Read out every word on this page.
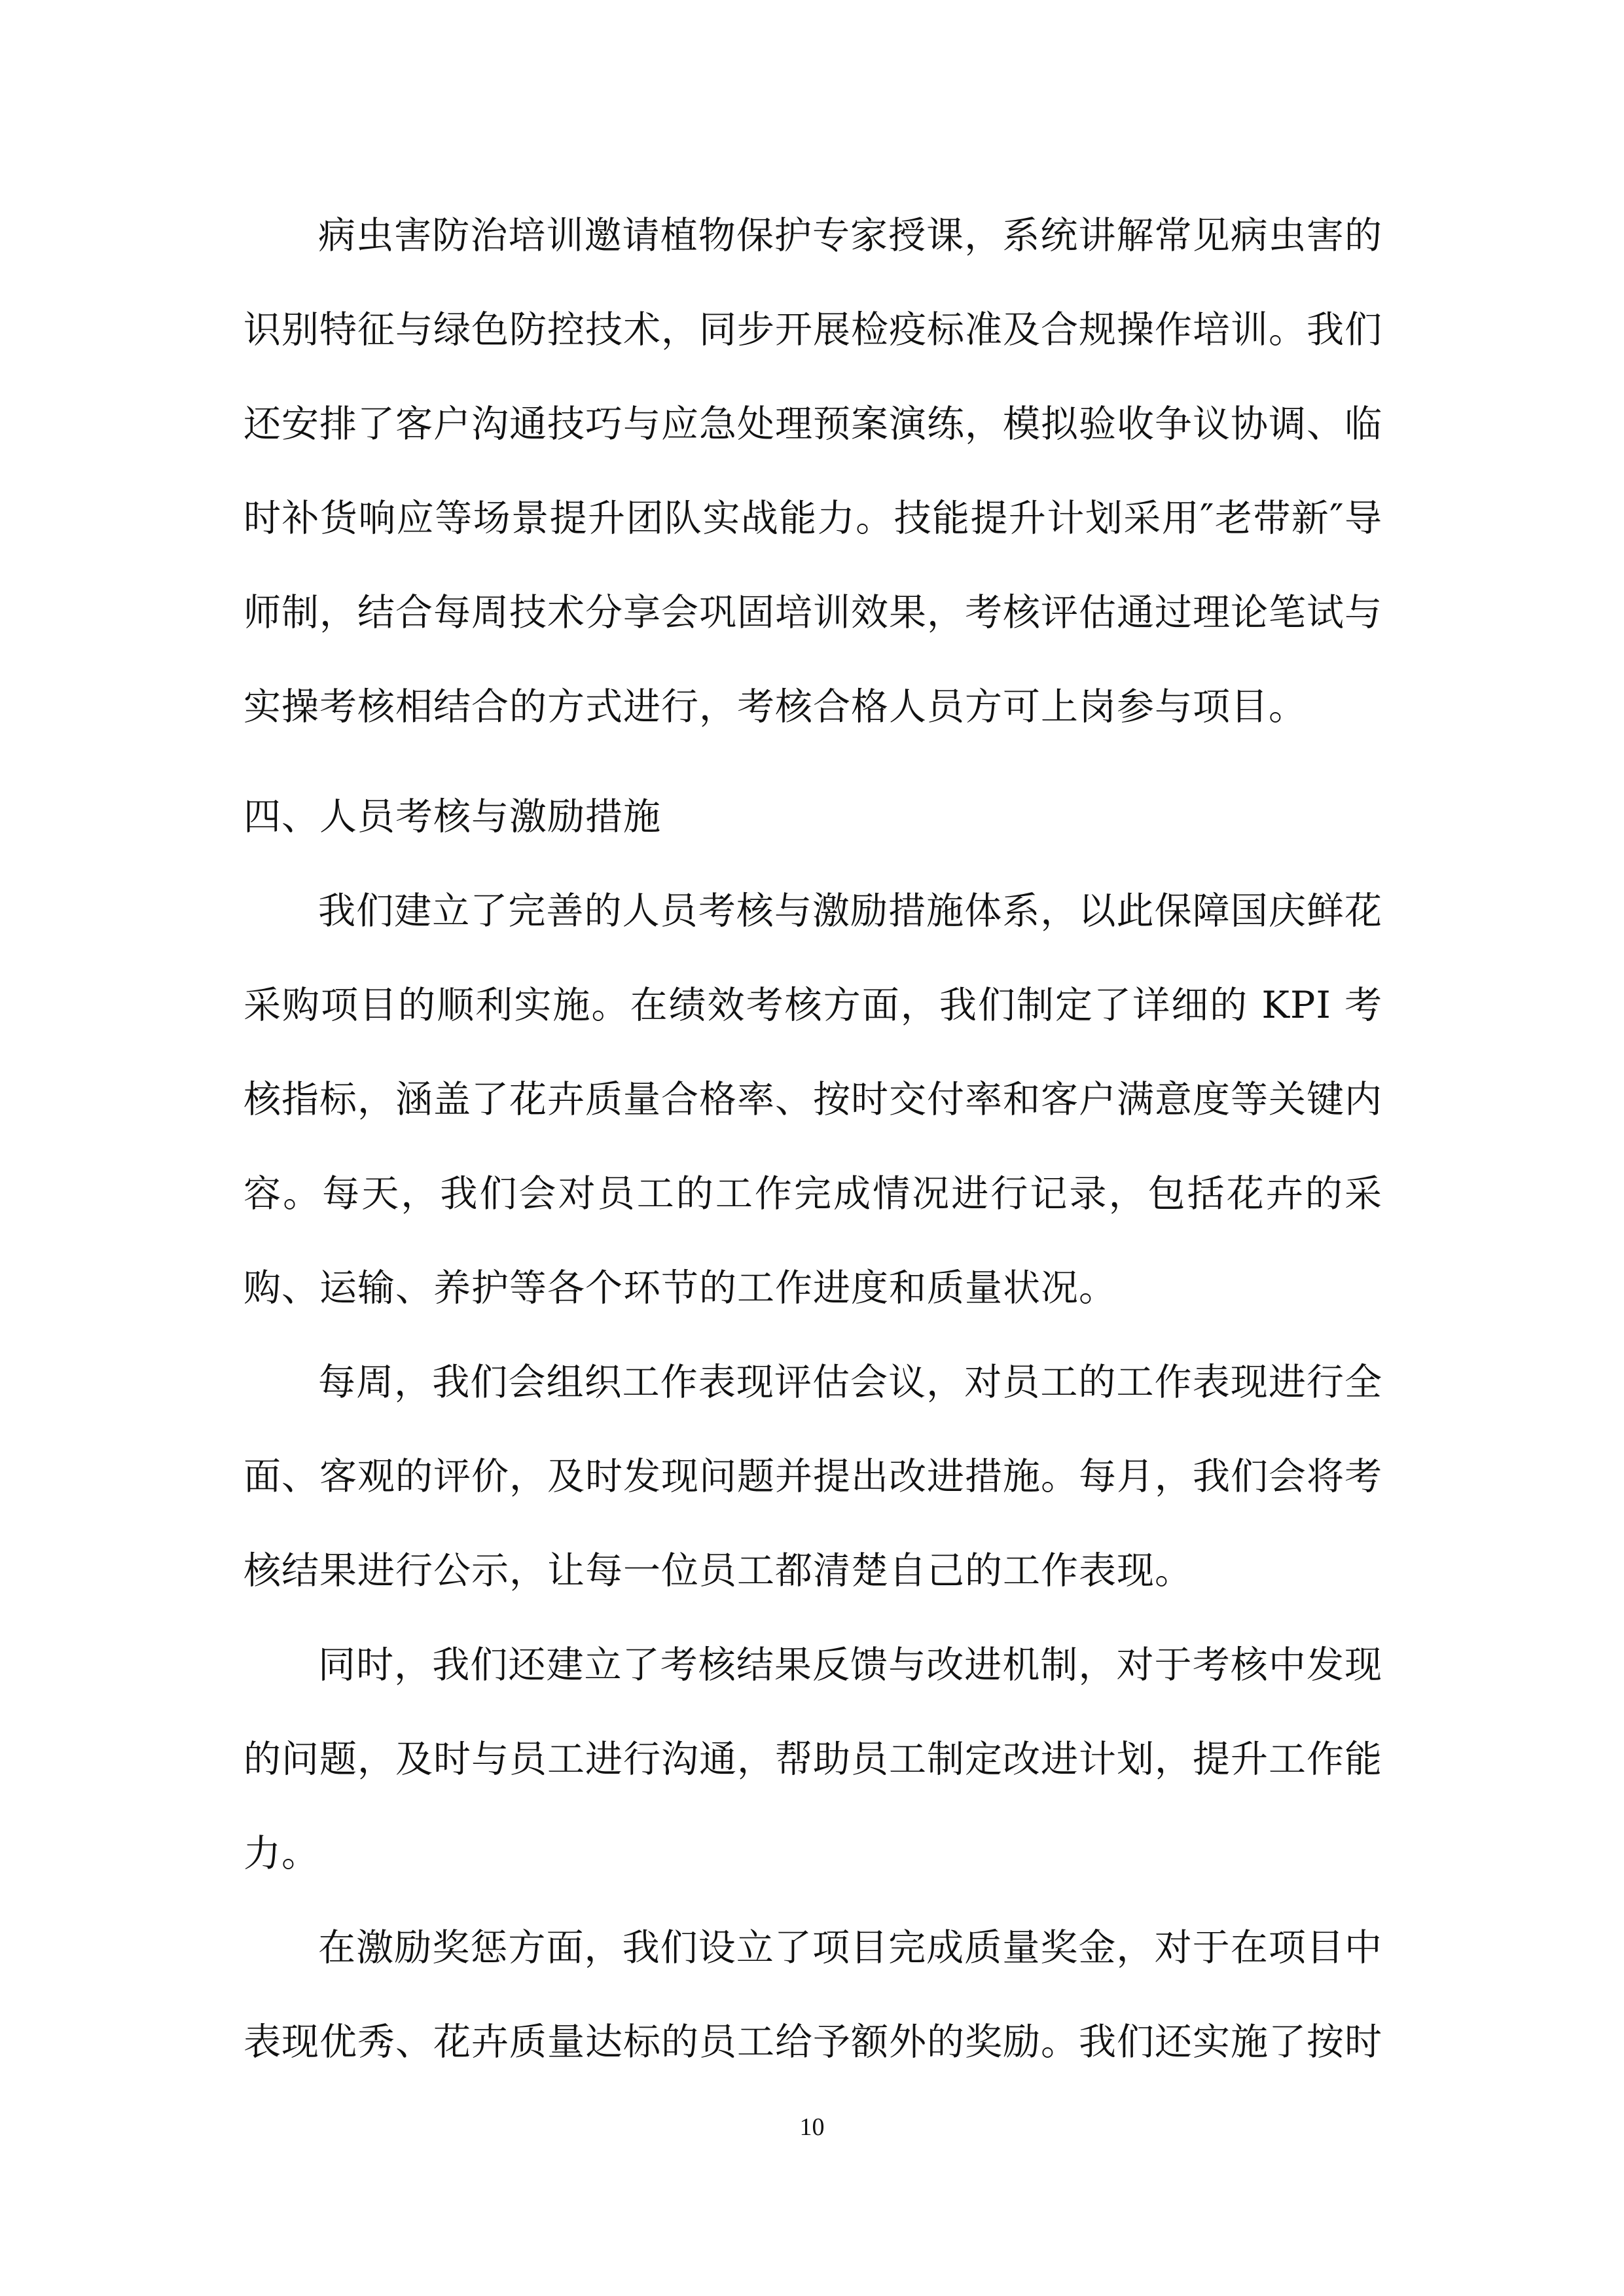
病虫害防治培训邀请植物保护专家授课，系统讲解常见病虫害的识别特征与绿色防控技术，同步开展检疫标准及合规操作培训。我们还安排了客户沟通技巧与应急处理预案演练，模拟验收争议协调、临时补货响应等场景提升团队实战能力。技能提升计划采用″老带新″导师制，结合每周技术分享会巩固培训效果，考核评估通过理论笔试与实操考核相结合的方式进行，考核合格人员方可上岗参与项目。

四、人员考核与激励措施

我们建立了完善的人员考核与激励措施体系，以此保障国庆鲜花采购项目的顺利实施。在绩效考核方面，我们制定了详细的 KPI 考核指标，涵盖了花卉质量合格率、按时交付率和客户满意度等关键内容。每天，我们会对员工的工作完成情况进行记录，包括花卉的采购、运输、养护等各个环节的工作进度和质量状况。

每周，我们会组织工作表现评估会议，对员工的工作表现进行全面、客观的评价，及时发现问题并提出改进措施。每月，我们会将考核结果进行公示，让每一位员工都清楚自己的工作表现。

同时，我们还建立了考核结果反馈与改进机制，对于考核中发现的问题，及时与员工进行沟通，帮助员工制定改进计划，提升工作能力。

在激励奖惩方面，我们设立了项目完成质量奖金，对于在项目中表现优秀、花卉质量达标的员工给予额外的奖励。我们还实施了按时

10
